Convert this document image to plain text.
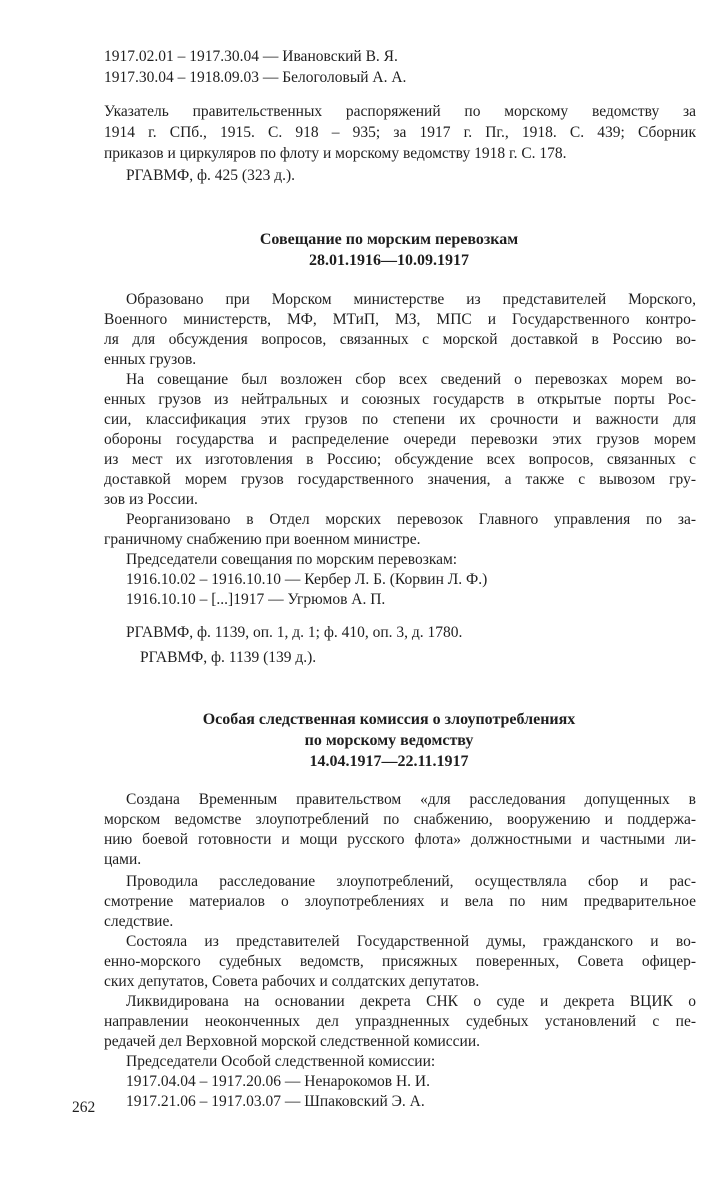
1917.02.01 – 1917.30.04 — Ивановский В. Я.
1917.30.04 – 1918.09.03 — Белоголовый А. А.
Указатель правительственных распоряжений по морскому ведомству за
1914 г. СПб., 1915. С. 918 – 935; за 1917 г. Пг., 1918. С. 439; Сборник
приказов и циркуляров по флоту и морскому ведомству 1918 г. С. 178.
РГАВМФ, ф. 425 (323 д.).
Совещание по морским перевозкам
28.01.1916—10.09.1917
Образовано при Морском министерстве из представителей Морского,
Военного министерств, МФ, МТиП, МЗ, МПС и Государственного контро-
ля для обсуждения вопросов, связанных с морской доставкой в Россию во-
енных грузов.
На совещание был возложен сбор всех сведений о перевозках морем во-
енных грузов из нейтральных и союзных государств в открытые порты Рос-
сии, классификация этих грузов по степени их срочности и важности для
обороны государства и распределение очереди перевозки этих грузов морем
из мест их изготовления в Россию; обсуждение всех вопросов, связанных с
доставкой морем грузов государственного значения, а также с вывозом гру-
зов из России.
Реорганизовано в Отдел морских перевозок Главного управления по за-
граничному снабжению при военном министре.
Председатели совещания по морским перевозкам:
1916.10.02 – 1916.10.10 — Кербер Л. Б. (Корвин Л. Ф.)
1916.10.10 – [...]1917 — Угрюмов А. П.
РГАВМФ, ф. 1139, оп. 1, д. 1; ф. 410, оп. 3, д. 1780.
РГАВМФ, ф. 1139 (139 д.).
Особая следственная комиссия о злоупотреблениях
по морскому ведомству
14.04.1917—22.11.1917
Создана Временным правительством «для расследования допущенных в
морском ведомстве злоупотреблений по снабжению, вооружению и поддержа-
нию боевой готовности и мощи русского флота» должностными и частными ли-
цами.
Проводила расследование злоупотреблений, осуществляла сбор и рас-
смотрение материалов о злоупотреблениях и вела по ним предварительное
следствие.
Состояла из представителей Государственной думы, гражданского и во-
енно-морского судебных ведомств, присяжных поверенных, Совета офицер-
ских депутатов, Совета рабочих и солдатских депутатов.
Ликвидирована на основании декрета СНК о суде и декрета ВЦИК о
направлении неоконченных дел упраздненных судебных установлений с пе-
редачей дел Верховной морской следственной комиссии.
Председатели Особой следственной комиссии:
1917.04.04 – 1917.20.06 — Ненарокомов Н. И.
1917.21.06 – 1917.03.07 — Шпаковский Э. А.
262
